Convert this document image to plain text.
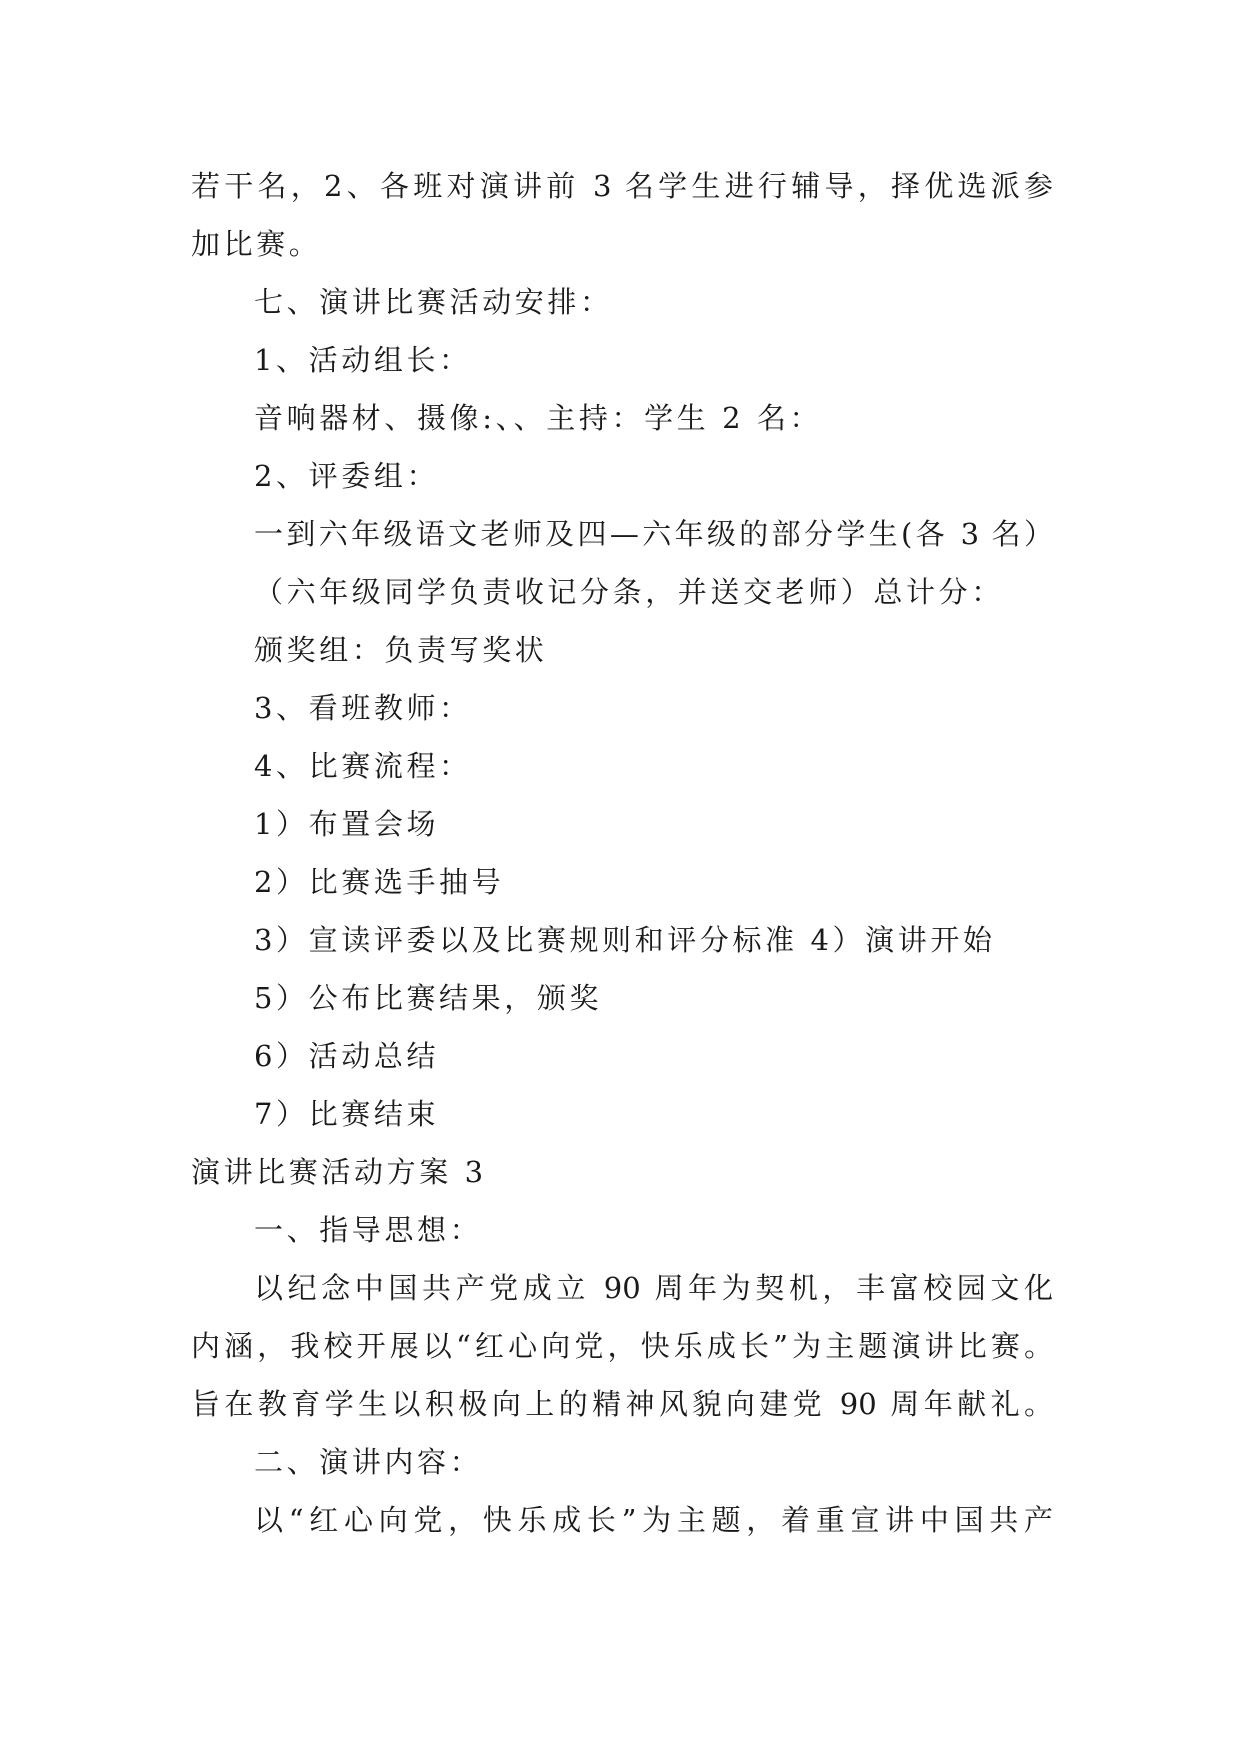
若干名，2、各班对演讲前 3 名学生进行辅导，择优选派参
加比赛。
七、演讲比赛活动安排：
1、活动组长：
音响器材、摄像:、、主持：学生 2 名：
2、评委组：
一到六年级语文老师及四—六年级的部分学生(各 3 名）
（六年级同学负责收记分条，并送交老师）总计分：
颁奖组：负责写奖状
3、看班教师：
4、比赛流程：
1）布置会场
2）比赛选手抽号
3）宣读评委以及比赛规则和评分标准 4）演讲开始
5）公布比赛结果，颁奖
6）活动总结
7）比赛结束
演讲比赛活动方案 3
一、指导思想：
以纪念中国共产党成立 90 周年为契机，丰富校园文化
内涵，我校开展以“红心向党，快乐成长”为主题演讲比赛。
旨在教育学生以积极向上的精神风貌向建党 90 周年献礼。
二、演讲内容：
以“红心向党，快乐成长”为主题，着重宣讲中国共产
